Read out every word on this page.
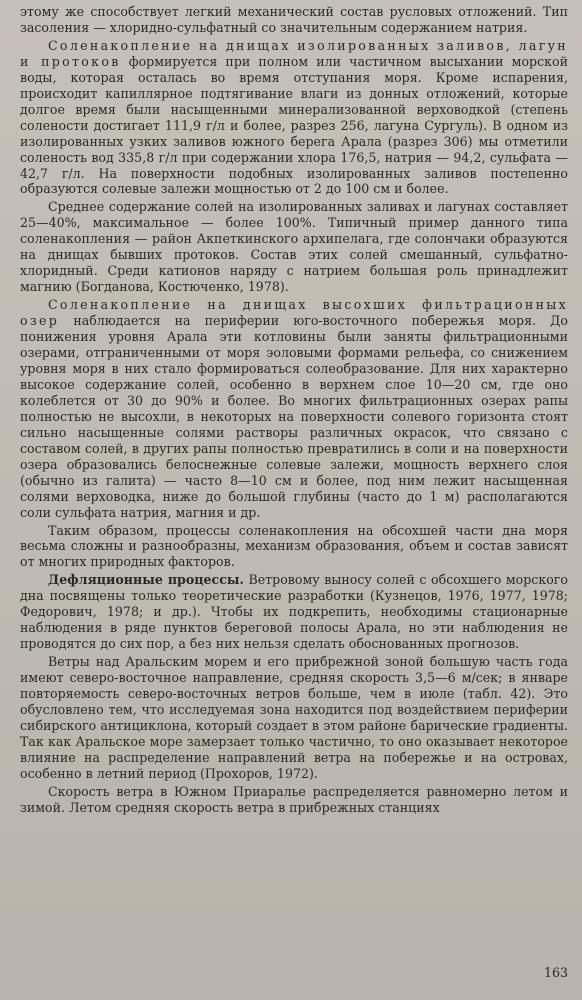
этому же способствует легкий механический состав русловых отложений. Тип засоления — хлоридно-сульфатный со значительным содержанием натрия.

Соленакопление на днищах изолированных заливов, лагун и протоков формируется при полном или частичном высыхании морской воды, которая осталась во время отступания моря. Кроме испарения, происходит капиллярное подтягивание влаги из донных отложений, которые долгое время были насыщенными минерализованной верховодкой (степень солености достигает 111,9 г/л и более, разрез 256, лагуна Сургуль). В одном из изолированных узких заливов южного берега Арала (разрез 306) мы отметили соленость вод 335,8 г/л при содержании хлора 176,5, натрия — 94,2, сульфата — 42,7 г/л. На поверхности подобных изолированных заливов постепенно образуются солевые залежи мощностью от 2 до 100 см и более.

Среднее содержание солей на изолированных заливах и лагунах составляет 25—40%, максимальное — более 100%. Типичный пример данного типа соленакопления — район Акпеткинского архипелага, где солончаки образуются на днищах бывших протоков. Состав этих солей смешанный, сульфатно-хлоридный. Среди катионов наряду с натрием большая роль принадлежит магнию (Богданова, Костюченко, 1978).

Соленакопление на днищах высохших фильтрационных озер наблюдается на периферии юго-восточного побережья моря. До понижения уровня Арала эти котловины были заняты фильтрационными озерами, отграниченными от моря эоловыми формами рельефа, со снижением уровня моря в них стало формироваться солеобразование. Для них характерно высокое содержание солей, особенно в верхнем слое 10—20 см, где оно колеблется от 30 до 90% и более. Во многих фильтрационных озерах рапы полностью не высохли, в некоторых на поверхности солевого горизонта стоят сильно насыщенные солями растворы различных окрасок, что связано с составом солей, в других рапы полностью превратились в соли и на поверхности озера образовались белоснежные солевые залежи, мощность верхнего слоя (обычно из галита) — часто 8—10 см и более, под ним лежит насыщенная солями верховодка, ниже до большой глубины (часто до 1 м) располагаются соли сульфата натрия, магния и др.

Таким образом, процессы соленакопления на обсохшей части дна моря весьма сложны и разнообразны, механизм образования, объем и состав зависят от многих природных факторов.

Дефляционные процессы. Ветровому выносу солей с обсохшего морского дна посвящены только теоретические разработки (Кузнецов, 1976, 1977, 1978; Федорович, 1978; и др.). Чтобы их подкрепить, необходимы стационарные наблюдения в ряде пунктов береговой полосы Арала, но эти наблюдения не проводятся до сих пор, а без них нельзя сделать обоснованных прогнозов.

Ветры над Аральским морем и его прибрежной зоной большую часть года имеют северо-восточное направление, средняя скорость 3,5—6 м/сек; в январе повторяемость северо-восточных ветров больше, чем в июле (табл. 42). Это обусловлено тем, что исследуемая зона находится под воздействием периферии сибирского антициклона, который создает в этом районе барические градиенты. Так как Аральское море замерзает только частично, то оно оказывает некоторое влияние на распределение направлений ветра на побережье и на островах, особенно в летний период (Прохоров, 1972).

Скорость ветра в Южном Приаралье распределяется равномерно летом и зимой. Летом средняя скорость ветра в прибрежных станциях

163
